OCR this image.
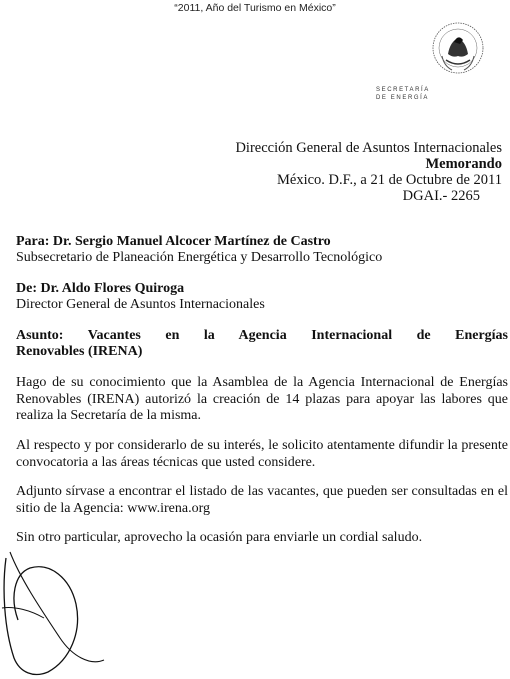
“2011, Año del Turismo en México”
SECRETARÍA
DE ENERGÍA
Dirección General de Asuntos Internacionales
Memorando
México. D.F., a 21 de Octubre de 2011
DGAI.- 2265
Para: Dr. Sergio Manuel Alcocer Martínez de Castro
Subsecretario de Planeación Energética y Desarrollo Tecnológico
De: Dr. Aldo Flores Quiroga
Director General de Asuntos Internacionales
Asunto: Vacantes en la Agencia Internacional de Energías
Renovables (IRENA)
Hago de su conocimiento que la Asamblea de la Agencia Internacional de Energías Renovables (IRENA) autorizó la creación de 14 plazas para apoyar las labores que realiza la Secretaría de la misma.
Al respecto y por considerarlo de su interés, le solicito atentamente difundir la presente convocatoria a las áreas técnicas que usted considere.
Adjunto sírvase a encontrar el listado de las vacantes, que pueden ser consultadas en el sitio de la Agencia: www.irena.org
Sin otro particular, aprovecho la ocasión para enviarle un cordial saludo.
